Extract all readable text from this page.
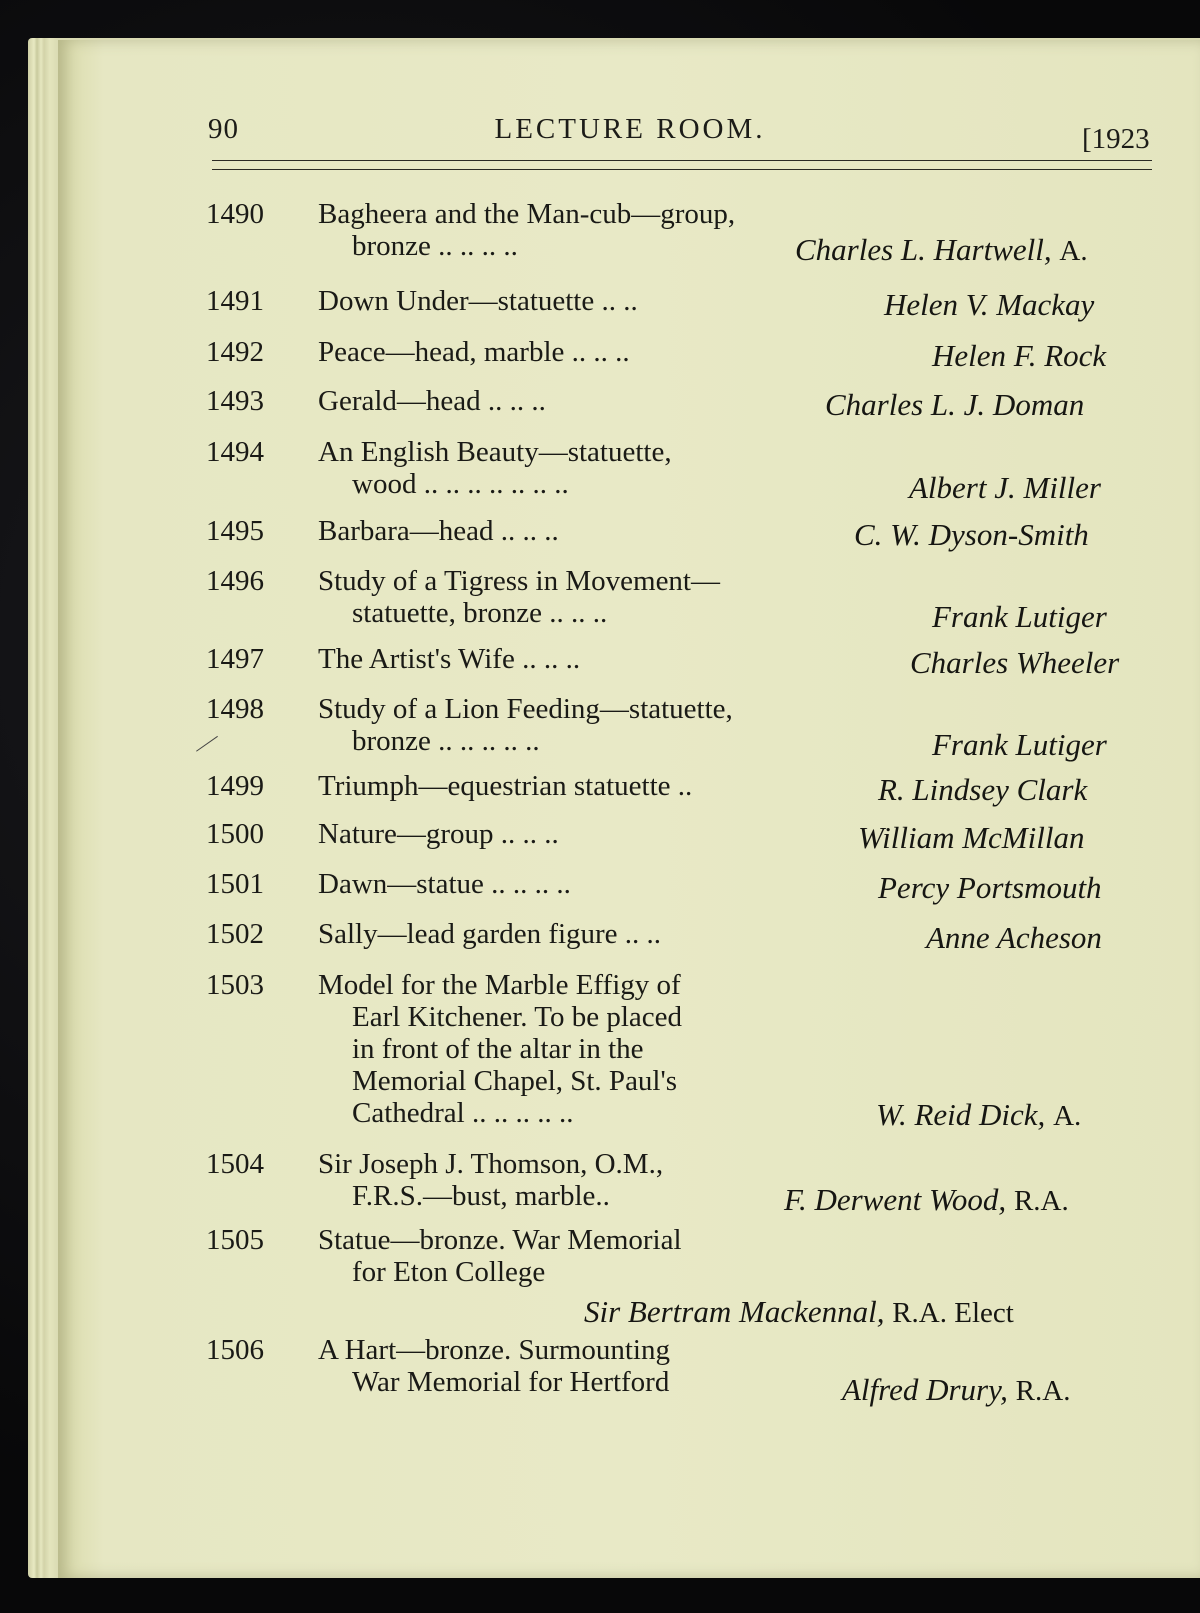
90	LECTURE ROOM.	[1923
1490 Bagheera and the Man-cub—group,
bronze .. .. .. ..	Charles L. Hartwell, A.
1491 Down Under—statuette .. ..	Helen V. Mackay
1492 Peace—head, marble .. .. ..	Helen F. Rock
1493 Gerald—head .. .. ..	Charles L. J. Doman
1494 An English Beauty—statuette,
wood .. .. .. .. .. .. ..	Albert J. Miller
1495 Barbara—head .. .. ..	C. W. Dyson-Smith
1496 Study of a Tigress in Movement—
statuette, bronze .. .. ..	Frank Lutiger
1497 The Artist's Wife .. .. ..	Charles Wheeler
1498 Study of a Lion Feeding—statuette,
bronze .. .. .. .. ..	Frank Lutiger
1499 Triumph—equestrian statuette ..	R. Lindsey Clark
1500 Nature—group .. .. ..	William McMillan
1501 Dawn—statue .. .. .. ..	Percy Portsmouth
1502 Sally—lead garden figure .. ..	Anne Acheson
1503 Model for the Marble Effigy of
Earl Kitchener. To be placed
in front of the altar in the
Memorial Chapel, St. Paul's
Cathedral .. .. .. .. ..	W. Reid Dick, A.
1504 Sir Joseph J. Thomson, O.M.,
F.R.S.—bust, marble..	F. Derwent Wood, R.A.
1505 Statue—bronze. War Memorial
for Eton College
Sir Bertram Mackennal, R.A. Elect
1506 A Hart—bronze. Surmounting
War Memorial for Hertford	Alfred Drury, R.A.
